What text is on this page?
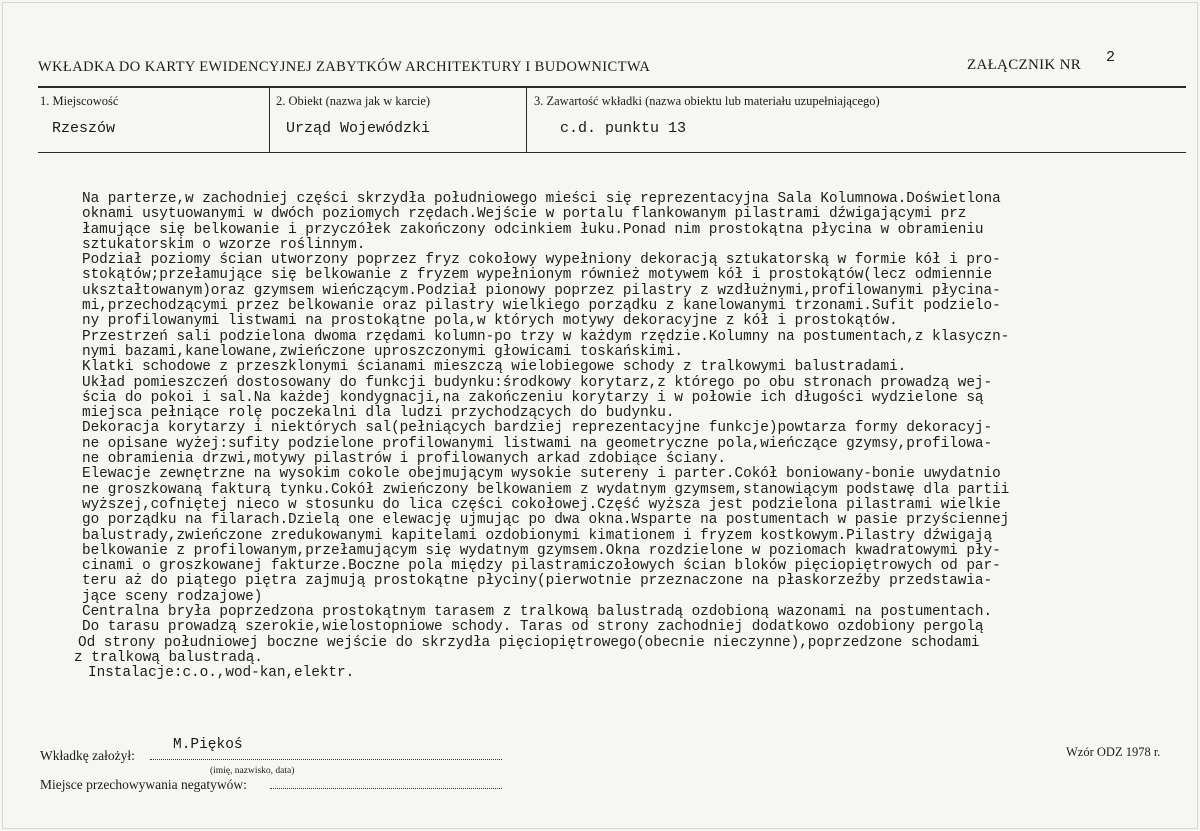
WKŁADKA DO KARTY EWIDENCYJNEJ ZABYTKÓW ARCHITEKTURY I BUDOWNICTWA	ZAŁĄCZNIK NR 2
1. Miejscowość
Rzeszów
2. Obiekt (nazwa jak w karcie)
Urząd Wojewódzki
3. Zawartość wkładki (nazwa obiektu lub materiału uzupełniającego)
c.d. punktu 13
Na parterze,w zachodniej części skrzydła południowego mieści się reprezentacyjna Sala Kolumnowa.Doświetlona
oknami usytuowanymi w dwóch poziomych rzędach.Wejście w portalu flankowanym pilastrami dźwigającymi prz
łamujące się belkowanie i przyczółek zakończony odcinkiem łuku.Ponad nim prostokątna płycina w obramieniu
sztukatorskim o wzorze roślinnym.
Podział poziomy ścian utworzony poprzez fryz cokołowy wypełniony dekoracją sztukatorską w formie kół i pro-
stokątów;przełamujące się belkowanie z fryzem wypełnionym również motywem kół i prostokątów(lecz odmiennie
ukształtowanym)oraz gzymsem wieńczącym.Podział pionowy poprzez pilastry z wzdłużnymi,profilowanymi płycina-
mi,przechodzącymi przez belkowanie oraz pilastry wielkiego porządku z kanelowanymi trzonami.Sufit podzielo-
ny profilowanymi listwami na prostokątne pola,w których motywy dekoracyjne z kół i prostokątów.
Przestrzeń sali podzielona dwoma rzędami kolumn-po trzy w każdym rzędzie.Kolumny na postumentach,z klasyczn-
nymi bazami,kanelowane,zwieńczone uproszczonymi głowicami toskańskimi.
Klatki schodowe z przeszklonymi ścianami mieszczą wielobiegowe schody z tralkowymi balustradami.
Układ pomieszczeń dostosowany do funkcji budynku:środkowy korytarz,z którego po obu stronach prowadzą wej-
ścia do pokoi i sal.Na każdej kondygnacji,na zakończeniu korytarzy i w połowie ich długości wydzielone są
miejsca pełniące rolę poczekalni dla ludzi przychodzących do budynku.
Dekoracja korytarzy i niektórych sal(pełniących bardziej reprezentacyjne funkcje)powtarza formy dekoracyj-
ne opisane wyżej:sufity podzielone profilowanymi listwami na geometryczne pola,wieńczące gzymsy,profilowa-
ne obramienia drzwi,motywy pilastrów i profilowanych arkad zdobiące ściany.
Elewacje zewnętrzne na wysokim cokole obejmującym wysokie sutereny i parter.Cokół boniowany-bonie uwydatnio
ne groszkowaną fakturą tynku.Cokół zwieńczony belkowaniem z wydatnym gzymsem,stanowiącym podstawę dla partii
wyższej,cofniętej nieco w stosunku do lica części cokołowej.Część wyższa jest podzielona pilastrami wielkie
go porządku na filarach.Dzielą one elewację ujmując po dwa okna.Wsparte na postumentach w pasie przyściennej
balustrady,zwieńczone zredukowanymi kapitelami ozdobionymi kimationem i fryzem kostkowym.Pilastry dźwigają
belkowanie z profilowanym,przełamującym się wydatnym gzymsem.Okna rozdzielone w poziomach kwadratowymi pły-
cinami o groszkowanej fakturze.Boczne pola między pilastramiczołowych ścian bloków pięciopiętrowych od par-
teru aż do piątego piętra zajmują prostokątne płyciny(pierwotnie przeznaczone na płaskorzeźby przedstawia-
jące sceny rodzajowe)
Centralna bryła poprzedzona prostokątnym tarasem z tralkową balustradą ozdobioną wazonami na postumentach.
Do tarasu prowadzą szerokie,wielostopniowe schody. Taras od strony zachodniej dodatkowo ozdobiony pergolą
Od strony południowej boczne wejście do skrzydła pięciopiętrowego(obecnie nieczynne),poprzedzone schodami
z tralkową balustradą.
Instalacje:c.o.,wod-kan,elektr.
Wkładkę założył:
M.Piękoś
(imię, nazwisko, data)
Miejsce przechowywania negatywów:
Wzór ODZ 1978 r.
